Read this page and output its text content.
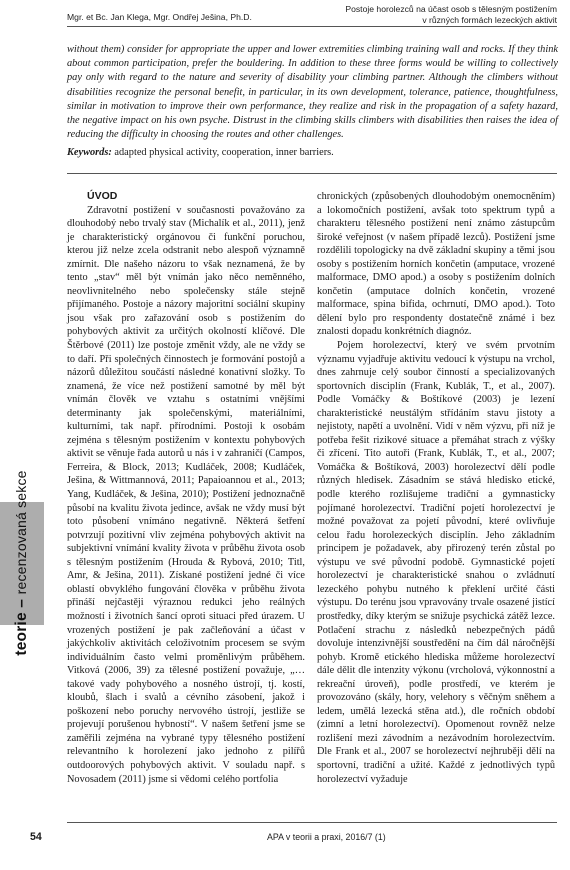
Mgr. et Bc. Jan Klega, Mgr. Ondřej Ješina, Ph.D.
Postoje horolezců na účast osob s tělesným postižením
v různých formách lezeckých aktivit

without them) consider for appropriate the upper and lower extremities climbing training wall and rocks. If they think about common participation, prefer the bouldering. In addition to these three forms would be willing to collectively pay only with regard to the nature and severity of disability your climbing partner. Although the climbers without disabilities recognize the personal benefit, in particular, in its own development, tolerance, patience, thoughtfulness, similar in motivation to improve their own performance, they realize and risk in the propagation of a safety hazard, the negative impact on his own psyche. Distrust in the climbing skills climbers with disabilities then raises the idea of reducing the difficulty in choosing the routes and other challenges.

Keywords: adapted physical activity, cooperation, inner barriers.
teorie – recenzovaná sekce

ÚVOD

Zdravotní postižení v současnosti považováno za dlouhodobý nebo trvalý stav (Michalík et al., 2011), jenž je charakteristický orgánovou či funkční poruchou, kterou již nelze zcela odstranit nebo alespoň významně zmírnit. Dle našeho názoru to však neznamená, že by tento „stav“ měl být vnímán jako něco neměnného, neovlivnitelného nebo společensky stále stejně přijímaného. Postoje a názory majoritní sociální skupiny jsou však pro zařazování osob s postižením do pohybových aktivit za určitých okolností klíčové. Dle Štěrbové (2011) lze postoje změnit vždy, ale ne vždy se to daří. Při společných činnostech je formování postojů a názorů důležitou součástí následné konativní složky. To znamená, že více než postižení samotné by měl být vnímán člověk ve vztahu s ostatními vnějšími determinanty jak společenskými, materiálními, kulturními, tak např. přírodními. Postoji k osobám zejména s tělesným postižením v kontextu pohybových aktivit se věnuje řada autorů u nás i v zahraničí (Campos, Ferreira, & Block, 2013; Kudláček, 2008; Kudláček, Ješina, & Wittmannová, 2011; Papaioannou et al., 2013; Yang, Kudláček, & Ješina, 2010); Postižení jednoznačně působí na kvalitu života jedince, avšak ne vždy musí být toto působení vnímáno negativně. Některá šetření potvrzují pozitivní vliv zejména pohybových aktivit na subjektivní vnímání kvality života v průběhu života osob s tělesným postižením (Hrouda & Rybová, 2010; Titl, Amr, & Ješina, 2011). Získané postižení jedné či více oblastí obvyklého fungování člověka v průběhu života přináší nejčastěji výraznou redukci jeho reálných možností i životních šancí oproti situaci před úrazem. U vrozených postižení je pak začleňování a účast v jakýchkoliv aktivitách celoživotním procesem se svým individuálním často velmi proměnlivým průběhem. Vitková (2006, 39) za tělesné postižení považuje, „…takové vady pohybového a nosného ústrojí, tj. kostí, kloubů, šlach i svalů a cévního zásobení, jakož i poškození nebo poruchy nervového ústrojí, jestliže se projevují porušenou hybností“. V našem šetření jsme se zaměřili zejména na vybrané typy tělesného postižení relevantního k horolezení jako jednoho z pilířů outdoorových pohybových aktivit. V souladu např. s Novosadem (2011) jsme si vědomi celého portfolia

chronických (způsobených dlouhodobým onemocněním) a lokomočních postižení, avšak toto spektrum typů a charakteru tělesného postižení není známo zástupcům široké veřejnost (v našem případě lezců). Postižení jsme rozdělili topologicky na dvě základní skupiny a těmi jsou osoby s postižením horních končetin (amputace, vrozené malformace, DMO apod.) a osoby s postižením dolních končetin (amputace dolních končetin, vrozené malformace, spina bifida, ochrnutí, DMO apod.). Toto dělení bylo pro respondenty dostatečně známé i bez znalosti dopadu konkrétních diagnóz.

Pojem horolezectví, který ve svém prvotním významu vyjadřuje aktivitu vedoucí k výstupu na vrchol, dnes zahrnuje celý soubor činností a specializovaných sportovních disciplín (Frank, Kublák, T., et al., 2007). Podle Vomáčky & Boštíkové (2003) je lezení charakteristické neustálým střídáním stavu jistoty a nejistoty, napětí a uvolnění. Vidí v něm výzvu, při níž je potřeba řešit rizikové situace a přemáhat strach z výšky či zřícení. Tito autoři (Frank, Kublák, T., et al., 2007; Vomáčka & Boštíková, 2003) horolezectví dělí podle různých hledisek. Zásadním se stává hledisko etické, podle kterého rozlišujeme tradiční a gymnasticky pojímané horolezectví. Tradiční pojetí horolezectví je možné považovat za pojetí původní, které ovlivňuje celou řadu horolezeckých disciplín. Jeho základním principem je požadavek, aby přirozený terén zůstal po výstupu ve své původní podobě. Gymnastické pojetí horolezectví je charakteristické snahou o zvládnutí lezeckého pohybu nutného k překlení určité části výstupu. Do terénu jsou vpravovány trvale osazené jistící prostředky, díky kterým se snižuje psychická zátěž lezce. Potlačení strachu z následků nebezpečných pádů dovoluje intenzivnější soustředění na čím dál náročnější pohyb. Kromě etického hlediska můžeme horolezectví dále dělit dle intenzity výkonu (vrcholová, výkonnostní a rekreační úroveň), podle prostředí, ve kterém je provozováno (skály, hory, velehory s věčným sněhem a ledem, umělá lezecká stěna atd.), dle ročních období (zimní a letní horolezectví). Opomenout rovněž nelze rozlišení mezi závodním a nezávodním horolezectvím. Dle Frank et al., 2007 se horolezectví nejhruběji dělí na sportovní, tradiční a užité. Každé z jednotlivých typů horolezectví vyžaduje

54	APA v teorii a praxi, 2016/7 (1)
